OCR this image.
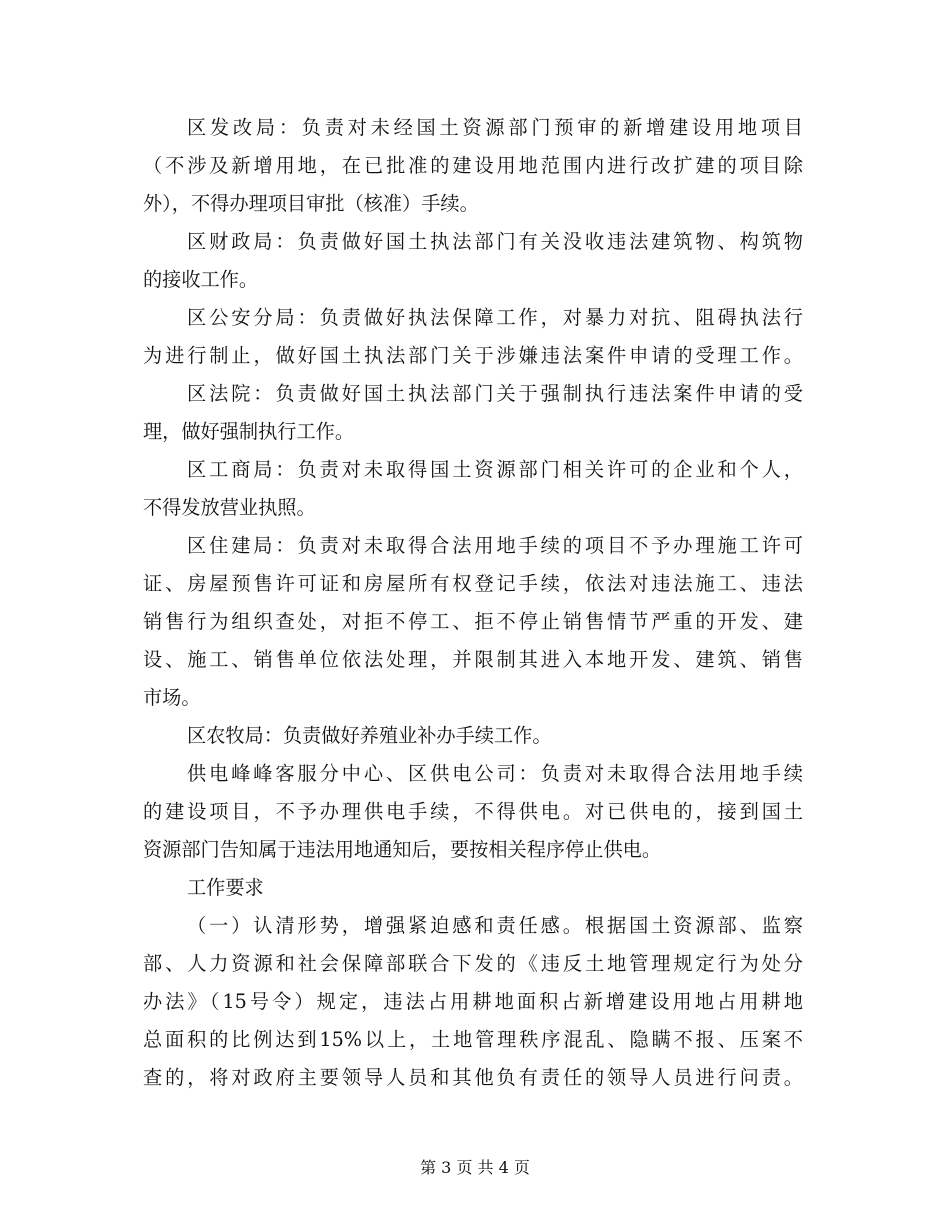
区发改局：负责对未经国土资源部门预审的新增建设用地项目
（不涉及新增用地，在已批准的建设用地范围内进行改扩建的项目除
外），不得办理项目审批（核准）手续。
区财政局：负责做好国土执法部门有关没收违法建筑物、构筑物
的接收工作。
区公安分局：负责做好执法保障工作，对暴力对抗、阻碍执法行
为进行制止，做好国土执法部门关于涉嫌违法案件申请的受理工作。
区法院：负责做好国土执法部门关于强制执行违法案件申请的受
理，做好强制执行工作。
区工商局：负责对未取得国土资源部门相关许可的企业和个人，
不得发放营业执照。
区住建局：负责对未取得合法用地手续的项目不予办理施工许可
证、房屋预售许可证和房屋所有权登记手续，依法对违法施工、违法
销售行为组织查处，对拒不停工、拒不停止销售情节严重的开发、建
设、施工、销售单位依法处理，并限制其进入本地开发、建筑、销售
市场。
区农牧局：负责做好养殖业补办手续工作。
供电峰峰客服分中心、区供电公司：负责对未取得合法用地手续
的建设项目，不予办理供电手续，不得供电。对已供电的，接到国土
资源部门告知属于违法用地通知后，要按相关程序停止供电。
工作要求
（一）认清形势，增强紧迫感和责任感。根据国土资源部、监察
部、人力资源和社会保障部联合下发的《违反土地管理规定行为处分
办法》（15号令）规定，违法占用耕地面积占新增建设用地占用耕地
总面积的比例达到15%以上，土地管理秩序混乱、隐瞒不报、压案不
查的，将对政府主要领导人员和其他负有责任的领导人员进行问责。
第 3 页 共 4 页
